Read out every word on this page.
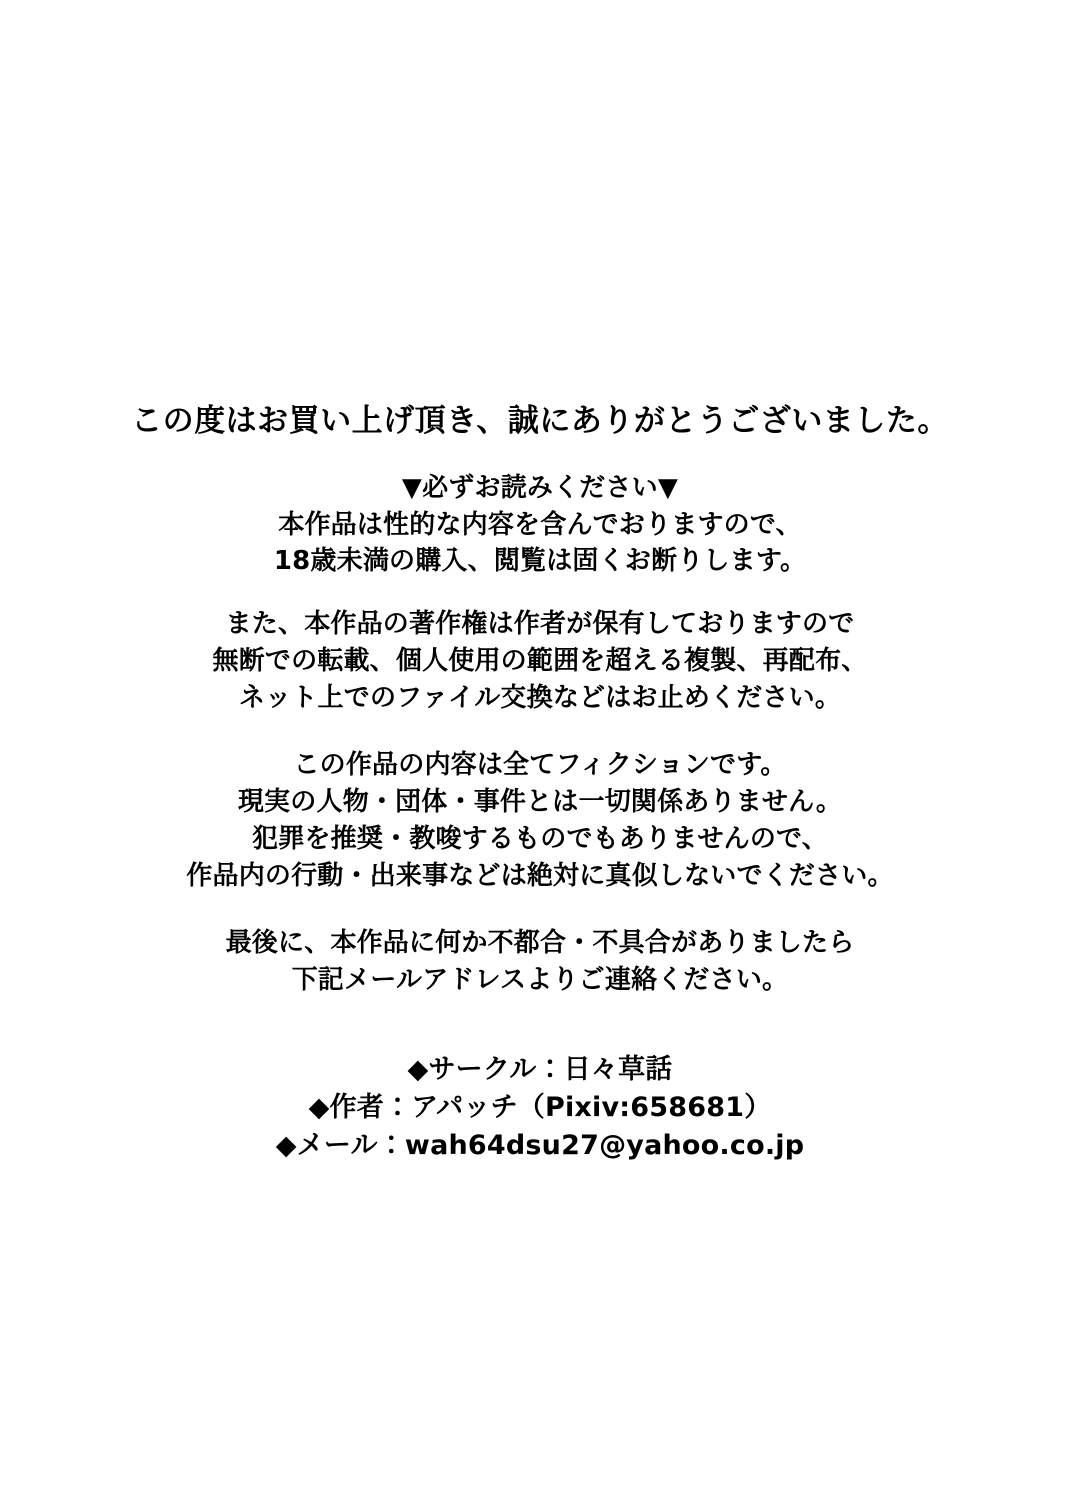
この度はお買い上げ頂き、誠にありがとうございました。

▼必ずお読みください▼

本作品は性的な内容を含んでおりますので、

18歳未満の購入、閲覧は固くお断りします。

また、本作品の著作権は作者が保有しておりますので

無断での転載、個人使用の範囲を超える複製、再配布、

ネット上でのファイル交換などはお止めください。

この作品の内容は全てフィクションです。

現実の人物・団体・事件とは一切関係ありません。

犯罪を推奨・教唆するものでもありませんので、

作品内の行動・出来事などは絶対に真似しないでください。

最後に、本作品に何か不都合・不具合がありましたら

下記メールアドレスよりご連絡ください。

◆サークル：日々草話

◆作者：アパッチ（Pixiv:658681）

◆メール：wah64dsu27@yahoo.co.jp
